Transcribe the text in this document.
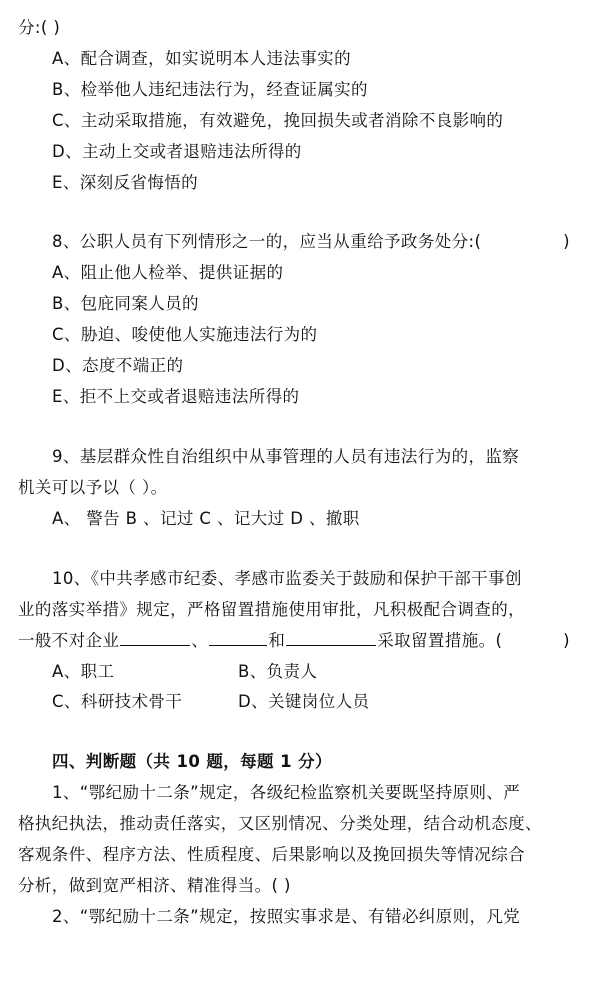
分:( )
A、配合调查，如实说明本人违法事实的
B、检举他人违纪违法行为，经查证属实的
C、主动采取措施，有效避免，挽回损失或者消除不良影响的
D、主动上交或者退赔违法所得的
E、深刻反省悔悟的
8、公职人员有下列情形之一的，应当从重给予政务处分:(	)
A、阻止他人检举、提供证据的
B、包庇同案人员的
C、胁迫、唆使他人实施违法行为的
D、态度不端正的
E、拒不上交或者退赔违法所得的
9、基层群众性自治组织中从事管理的人员有违法行为的，监察
机关可以予以（ ）。
A、 警告 B 、记过 C 、记大过 D 、撤职
10、《中共孝感市纪委、孝感市监委关于鼓励和保护干部干事创
业的落实举措》规定，严格留置措施使用审批，凡积极配合调查的，
一般不对企业	、	和	采取留置措施。(	)
A、职工	B、负责人
C、科研技术骨干	D、关键岗位人员
四、判断题（共 10 题，每题 1 分）
1、“鄂纪励十二条”规定，各级纪检监察机关要既坚持原则、严
格执纪执法，推动责任落实，又区别情况、分类处理，结合动机态度、
客观条件、程序方法、性质程度、后果影响以及挽回损失等情况综合
分析，做到宽严相济、精准得当。( )
2、“鄂纪励十二条”规定，按照实事求是、有错必纠原则，凡党
